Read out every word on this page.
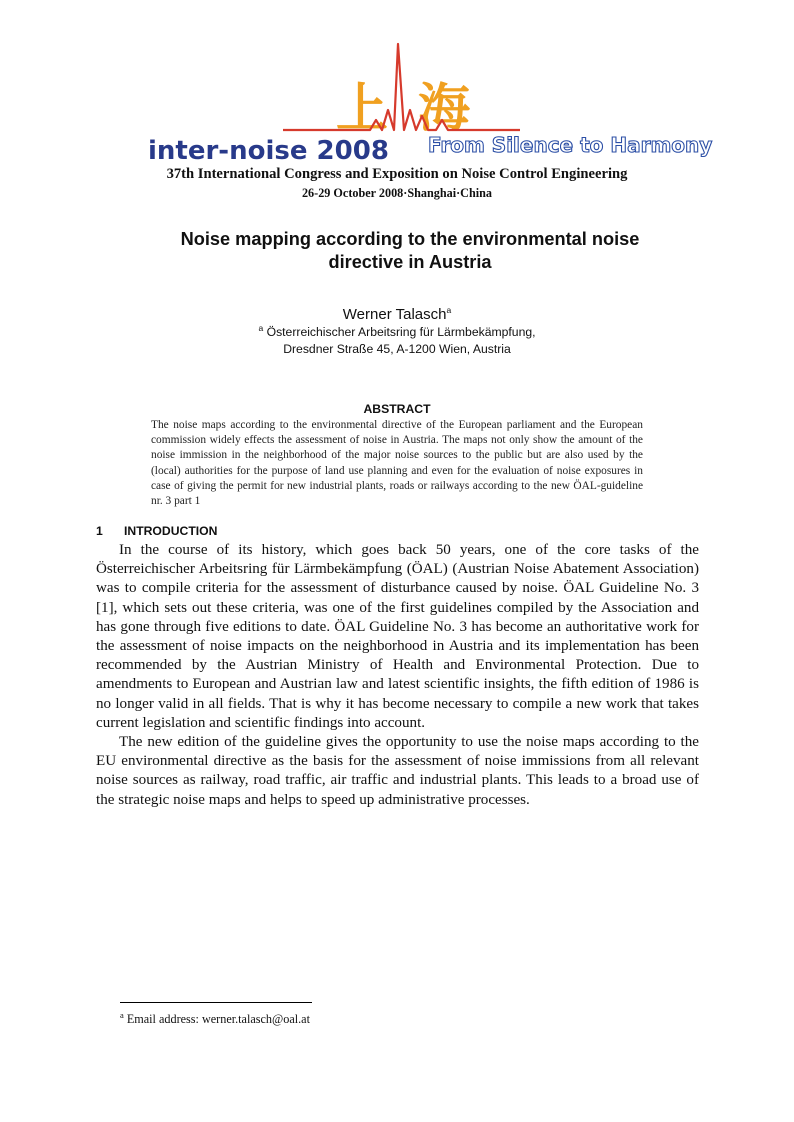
上海
inter-noise 2008 From Silence to Harmony
37th International Congress and Exposition on Noise Control Engineering
26-29 October 2008·Shanghai·China
Noise mapping according to the environmental noise
directive in Austria
Werner Talasch$^a$
$^a$ Österreichischer Arbeitsring für Lärmbekämpfung,
Dresdner Straße 45, A-1200 Wien, Austria
ABSTRACT

The noise maps according to the environmental directive of the European parliament and the European commission widely effects the assessment of noise in Austria. The maps not only show the amount of the noise immission in the neighborhood of the major noise sources to the public but are also used by the (local) authorities for the purpose of land use planning and even for the evaluation of noise exposures in case of giving the permit for new industrial plants, roads or railways according to the new ÖAL-guideline nr. 3 part 1

1 INTRODUCTION

In the course of its history, which goes back 50 years, one of the core tasks of the Österreichischer Arbeitsring für Lärmbekämpfung (ÖAL) (Austrian Noise Abatement Association) was to compile criteria for the assessment of disturbance caused by noise. ÖAL Guideline No. 3 [1], which sets out these criteria, was one of the first guidelines compiled by the Association and has gone through five editions to date. ÖAL Guideline No. 3 has become an authoritative work for the assessment of noise impacts on the neighborhood in Austria and its implementation has been recommended by the Austrian Ministry of Health and Environmental Protection. Due to amendments to European and Austrian law and latest scientific insights, the fifth edition of 1986 is no longer valid in all fields. That is why it has become necessary to compile a new work that takes current legislation and scientific findings into account.

The new edition of the guideline gives the opportunity to use the noise maps according to the EU environmental directive as the basis for the assessment of noise immissions from all relevant noise sources as railway, road traffic, air traffic and industrial plants. This leads to a broad use of the strategic noise maps and helps to speed up administrative processes.

$^a$ Email address: werner.talasch@oal.at
